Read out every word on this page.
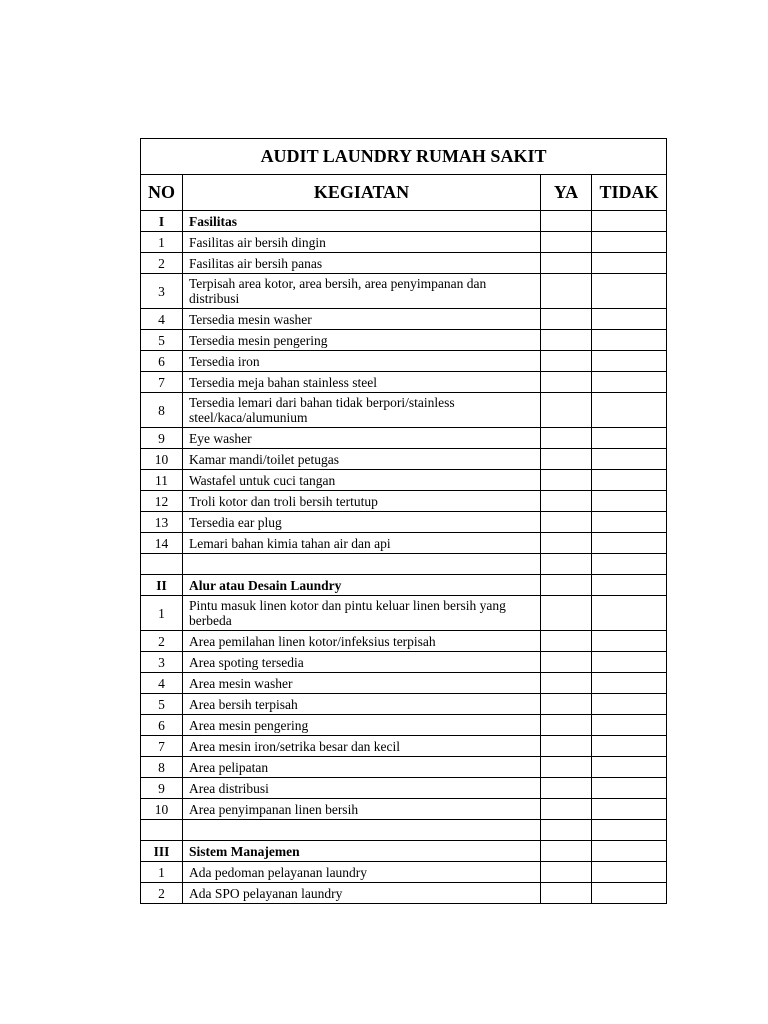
AUDIT LAUNDRY RUMAH SAKIT			
NO	KEGIATAN	YA	TIDAK
I	Fasilitas		
1	Fasilitas air bersih dingin		
2	Fasilitas air bersih panas		
3	Terpisah area kotor, area bersih, area penyimpanan dan distribusi		
4	Tersedia mesin washer		
5	Tersedia mesin pengering		
6	Tersedia iron		
7	Tersedia meja bahan stainless steel		
8	Tersedia lemari dari bahan tidak berpori/stainless steel/kaca/alumunium		
9	Eye washer		
10	Kamar mandi/toilet petugas		
11	Wastafel untuk cuci tangan		
12	Troli kotor dan troli bersih tertutup		
13	Tersedia ear plug		
14	Lemari bahan kimia tahan air dan api		

II	Alur atau Desain Laundry		
1	Pintu masuk linen kotor dan pintu keluar linen bersih yang berbeda		
2	Area pemilahan linen kotor/infeksius terpisah		
3	Area spoting tersedia		
4	Area mesin washer		
5	Area bersih terpisah		
6	Area mesin pengering		
7	Area mesin iron/setrika besar dan kecil		
8	Area pelipatan		
9	Area distribusi		
10	Area penyimpanan linen bersih		

III	Sistem Manajemen		
1	Ada pedoman pelayanan laundry		
2	Ada SPO pelayanan laundry		
